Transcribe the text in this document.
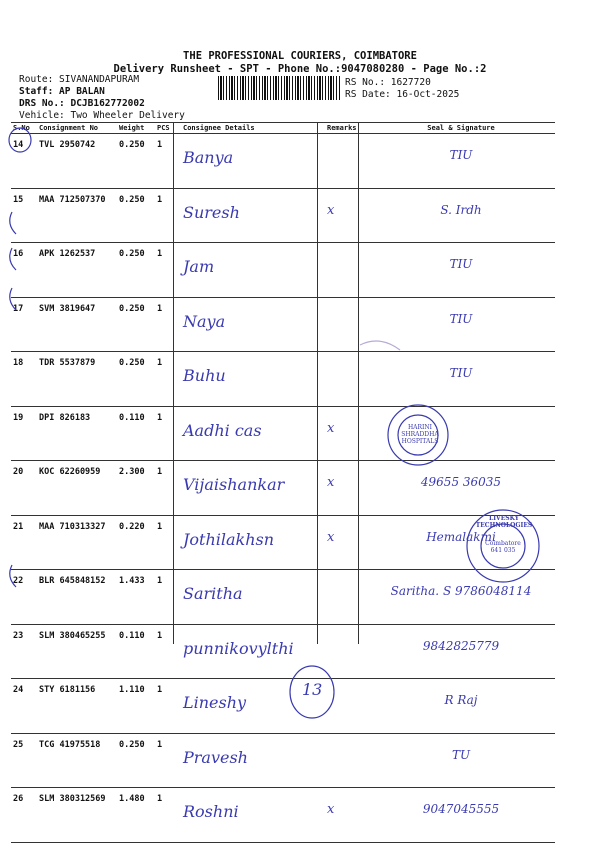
THE PROFESSIONAL COURIERS, COIMBATORE
Delivery Runsheet - SPT - Phone No.:9047080280 - Page No.:2
Route: SIVANANDAPURAM
Staff: AP BALAN
DRS No.: DCJB162772002
Vehicle: Two Wheeler Delivery
RS No.: 1627720
RS Date: 16-Oct-2025
S.No	Consignment No	Weight	PCS	Consignee Details	Remarks	Seal & Signature
14	TVL 2950742	0.250	1	Banya		TIU
15	MAA 712507370	0.250	1	Suresh	x	S. Irdh
16	APK 1262537	0.250	1	Jam		TIU
17	SVM 3819647	0.250	1	Naya		TIU
18	TDR 5537879	0.250	1	Buhu		TIU
19	DPI 826183	0.110	1	Aadhi cas	x	
20	KOC 62260959	2.300	1	Vijaishankar	x	49655 36035
21	MAA 710313327	0.220	1	Jothilakhsn	x	Hemalakmi
22	BLR 645848152	1.433	1	Saritha		Saritha. S 9786048114
23	SLM 380465255	0.110	1	punnikovylthi		9842825779
24	STY 6181156	1.110	1	Lineshy		R Raj
25	TCG 41975518	0.250	1	Pravesh		TU
26	SLM 380312569	1.480	1	Roshni	x	9047045555
HARINI SHRADDHA HOSPITALS
LIVESKY TECHNOLOGIES
Coimbatore 641 035
13
